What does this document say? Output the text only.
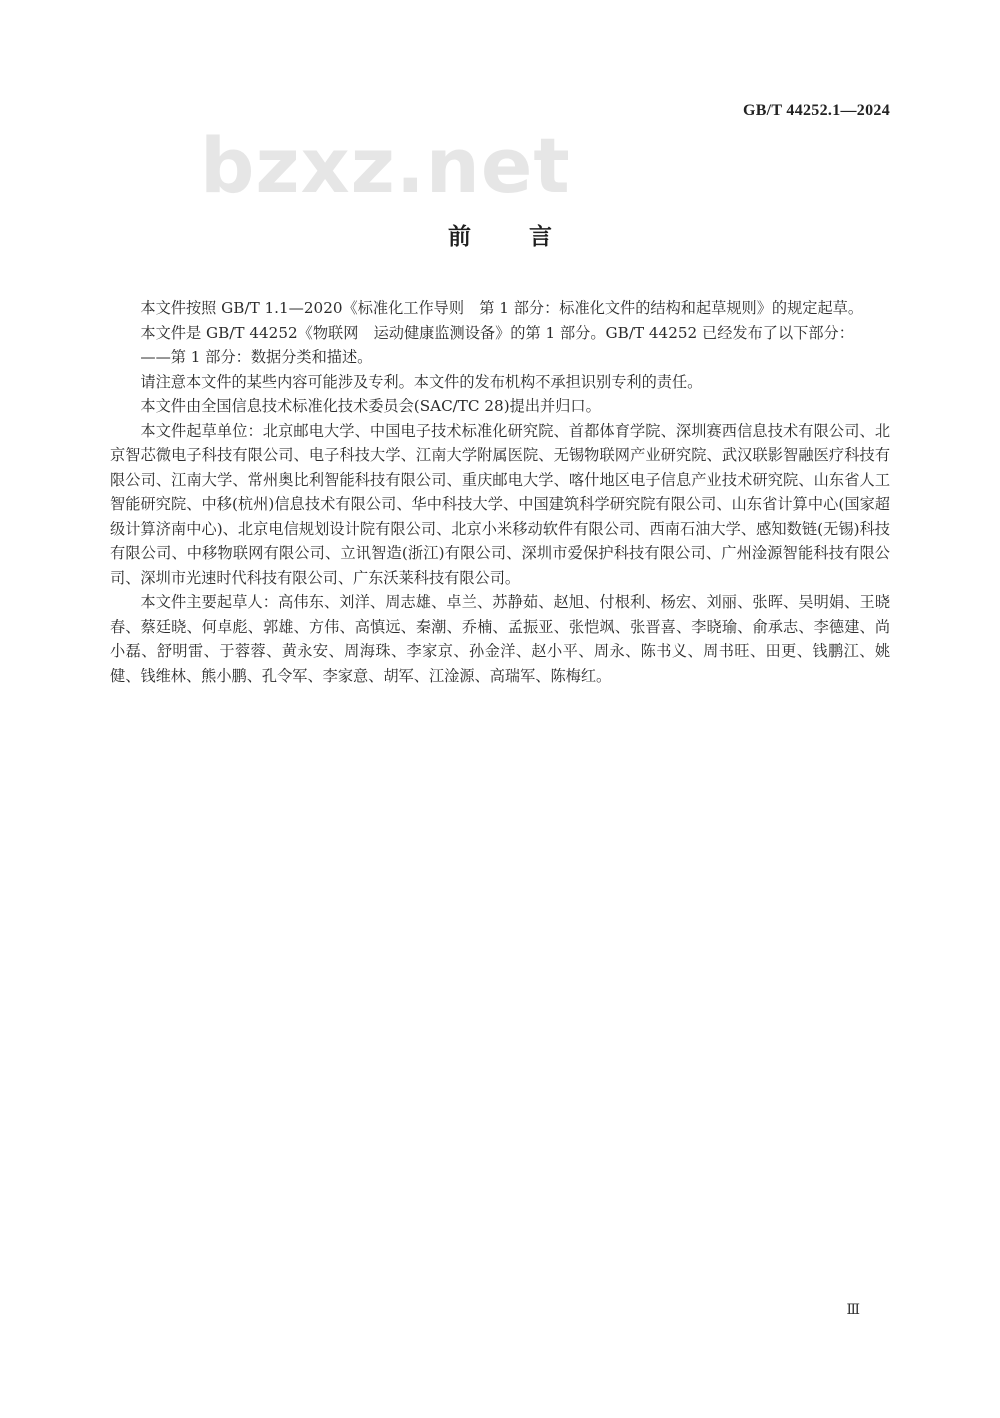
GB/T 44252.1—2024
bzxz.net
前言

本文件按照 GB/T 1.1—2020《标准化工作导则　第 1 部分：标准化文件的结构和起草规则》的规定起草。

本文件是 GB/T 44252《物联网　运动健康监测设备》的第 1 部分。GB/T 44252 已经发布了以下部分：

——第 1 部分：数据分类和描述。

请注意本文件的某些内容可能涉及专利。本文件的发布机构不承担识别专利的责任。

本文件由全国信息技术标准化技术委员会(SAC/TC 28)提出并归口。

本文件起草单位：北京邮电大学、中国电子技术标准化研究院、首都体育学院、深圳赛西信息技术有限公司、北京智芯微电子科技有限公司、电子科技大学、江南大学附属医院、无锡物联网产业研究院、武汉联影智融医疗科技有限公司、江南大学、常州奥比利智能科技有限公司、重庆邮电大学、喀什地区电子信息产业技术研究院、山东省人工智能研究院、中移(杭州)信息技术有限公司、华中科技大学、中国建筑科学研究院有限公司、山东省计算中心(国家超级计算济南中心)、北京电信规划设计院有限公司、北京小米移动软件有限公司、西南石油大学、感知数链(无锡)科技有限公司、中移物联网有限公司、立讯智造(浙江)有限公司、深圳市爱保护科技有限公司、广州淦源智能科技有限公司、深圳市光速时代科技有限公司、广东沃莱科技有限公司。

本文件主要起草人：高伟东、刘洋、周志雄、卓兰、苏静茹、赵旭、付根利、杨宏、刘丽、张晖、吴明娟、王晓春、蔡廷晓、何卓彪、郭雄、方伟、高慎远、秦潮、乔楠、孟振亚、张恺飒、张晋喜、李晓瑜、俞承志、李德建、尚小磊、舒明雷、于蓉蓉、黄永安、周海珠、李家京、孙金洋、赵小平、周永、陈书义、周书旺、田更、钱鹏江、姚健、钱维林、熊小鹏、孔令军、李家意、胡军、江淦源、高瑞军、陈梅红。

Ⅲ
